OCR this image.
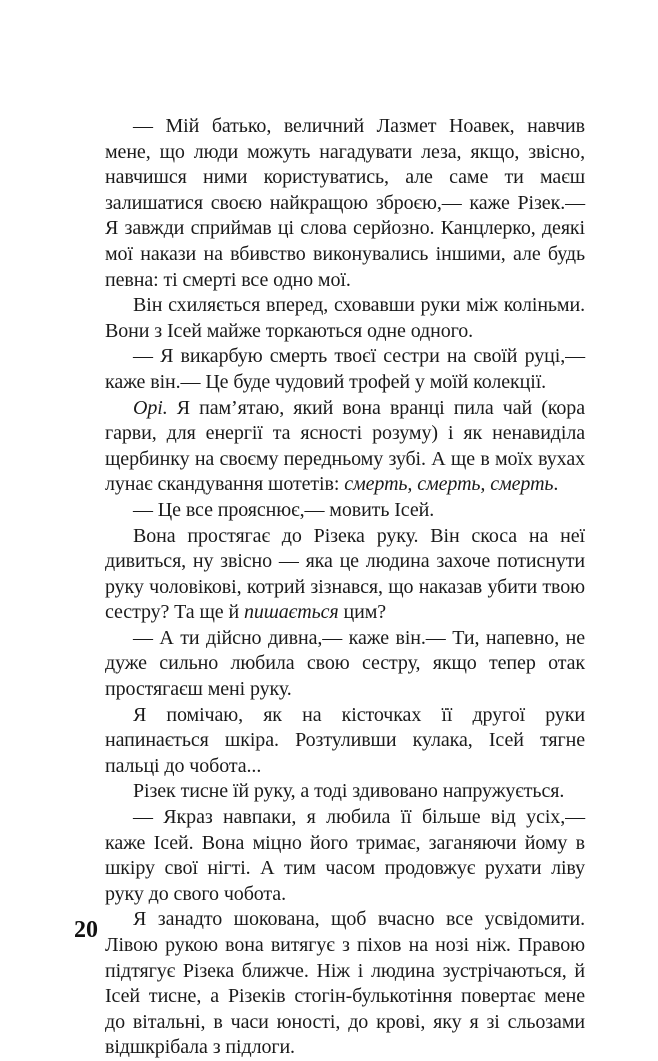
— Мій батько, величний Лазмет Ноавек, навчив мене, що люди можуть нагадувати леза, якщо, звісно, навчишся ними користуватись, але саме ти маєш залишатися своєю найкращою зброєю,— каже Різек.— Я завжди сприймав ці слова серйозно. Канцлерко, деякі мої накази на вбивство виконувались іншими, але будь певна: ті смерті все одно мої.

Він схиляється вперед, сховавши руки між коліньми. Вони з Ісей майже торкаються одне одного.

— Я викарбую смерть твоєї сестри на своїй руці,— каже він.— Це буде чудовий трофей у моїй колекції.

Орі. Я пам’ятаю, який вона вранці пила чай (кора гарви, для енергії та ясності розуму) і як ненавиділа щербинку на своєму передньому зубі. А ще в моїх вухах лунає скандування шотетів: смерть, смерть, смерть.

— Це все прояснює,— мовить Ісей.

Вона простягає до Різека руку. Він скоса на неї дивиться, ну звісно — яка це людина захоче потиснути руку чоловікові, котрий зізнався, що наказав убити твою сестру? Та ще й пишається цим?

— А ти дійсно дивна,— каже він.— Ти, напевно, не дуже сильно любила свою сестру, якщо тепер отак простягаєш мені руку.

Я помічаю, як на кісточках її другої руки напинається шкіра. Розтуливши кулака, Ісей тягне пальці до чобота...

Різек тисне їй руку, а тоді здивовано напружується.

— Якраз навпаки, я любила її більше від усіх,— каже Ісей. Вона міцно його тримає, заганяючи йому в шкіру свої нігті. А тим часом продовжує рухати ліву руку до свого чобота.

Я занадто шокована, щоб вчасно все усвідомити. Лівою рукою вона витягує з піхов на нозі ніж. Правою підтягує Різека ближче. Ніж і людина зустрічаються, й Ісей тисне, а Різеків стогін-булькотіння повертає мене до вітальні, в часи юності, до крові, яку я зі сльозами відшкрібала з підлоги.

20
